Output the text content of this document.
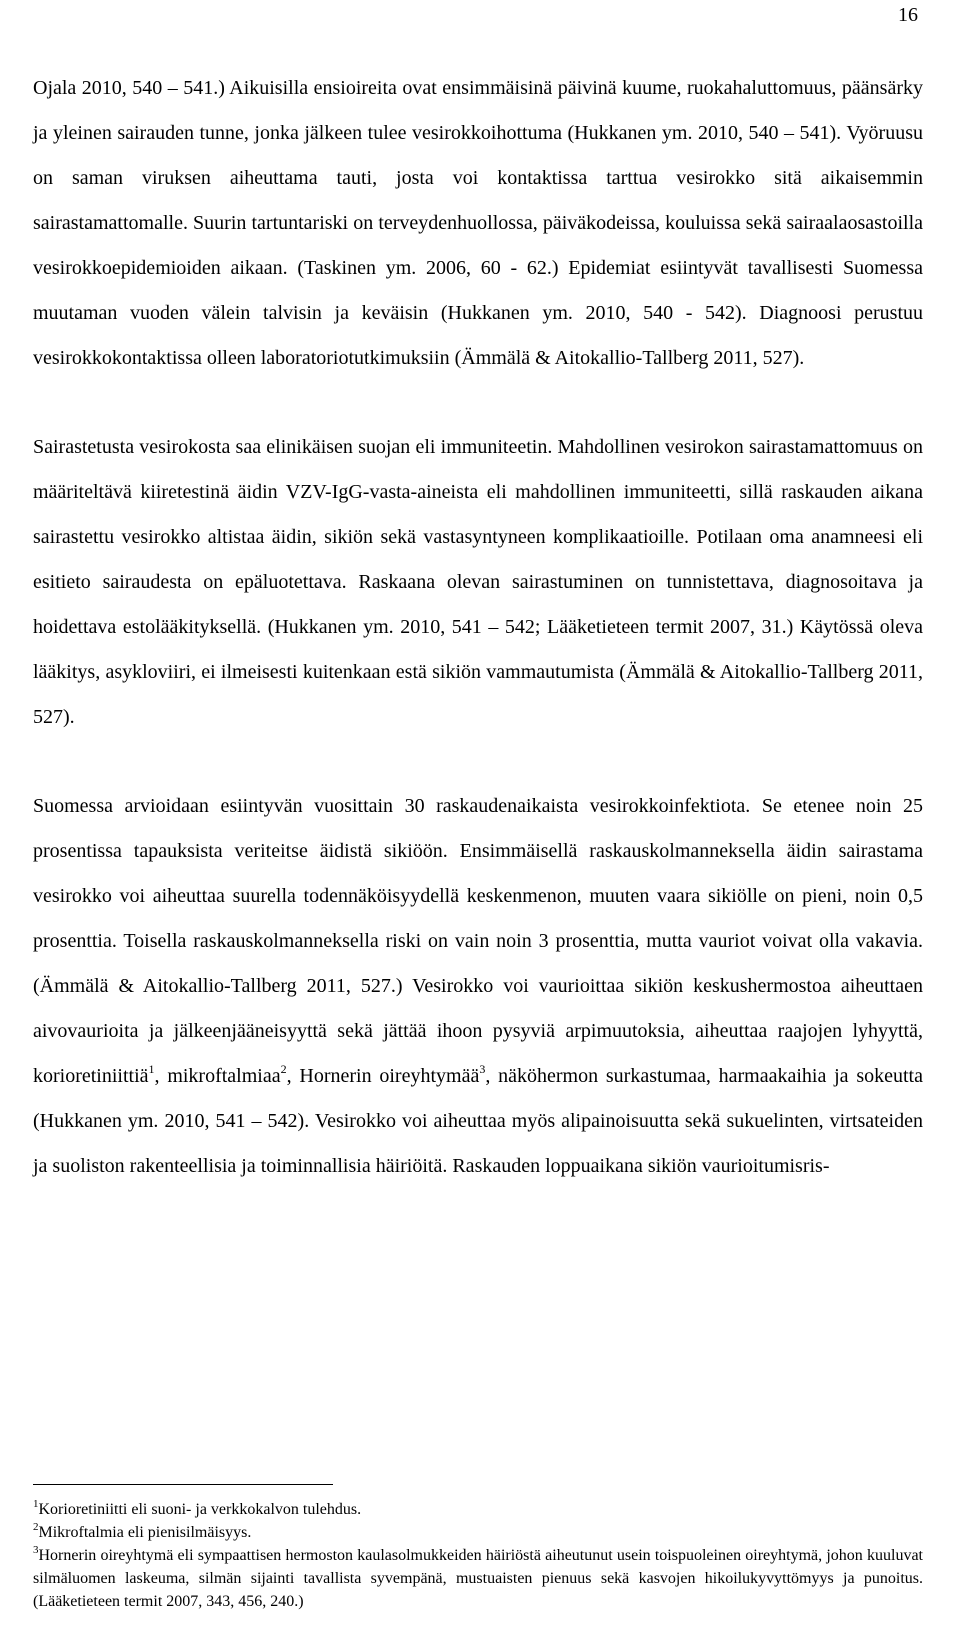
16

Ojala 2010, 540 – 541.) Aikuisilla ensioireita ovat ensimmäisinä päivinä kuume, ruokahaluttomuus, päänsärky ja yleinen sairauden tunne, jonka jälkeen tulee vesirokkoihottuma (Hukkanen ym. 2010, 540 – 541). Vyöruusu on saman viruksen aiheuttama tauti, josta voi kontaktissa tarttua vesirokko sitä aikaisemmin sairastamattomalle. Suurin tartuntariski on terveydenhuollossa, päiväkodeissa, kouluissa sekä sairaalaosastoilla vesirokkoepidemioiden aikaan. (Taskinen ym. 2006, 60 - 62.) Epidemiat esiintyvät tavallisesti Suomessa muutaman vuoden välein talvisin ja keväisin (Hukkanen ym. 2010, 540 - 542). Diagnoosi perustuu vesirokkokontaktissa olleen laboratoriotutkimuksiin (Ämmälä & Aitokallio-Tallberg 2011, 527).

Sairastetusta vesirokosta saa elinikäisen suojan eli immuniteetin. Mahdollinen vesirokon sairastamattomuus on määriteltävä kiiretestinä äidin VZV-IgG-vasta-aineista eli mahdollinen immuniteetti, sillä raskauden aikana sairastettu vesirokko altistaa äidin, sikiön sekä vastasyntyneen komplikaatioille. Potilaan oma anamneesi eli esitieto sairaudesta on epäluotettava. Raskaana olevan sairastuminen on tunnistettava, diagnosoitava ja hoidettava estolääkityksellä. (Hukkanen ym. 2010, 541 – 542; Lääketieteen termit 2007, 31.) Käytössä oleva lääkitys, asykloviiri, ei ilmeisesti kuitenkaan estä sikiön vammautumista (Ämmälä & Aitokallio-Tallberg 2011, 527).

Suomessa arvioidaan esiintyvän vuosittain 30 raskaudenaikaista vesirokkoinfektiota. Se etenee noin 25 prosentissa tapauksista veriteitse äidistä sikiöön. Ensimmäisellä raskauskolmanneksella äidin sairastama vesirokko voi aiheuttaa suurella todennäköisyydellä keskenmenon, muuten vaara sikiölle on pieni, noin 0,5 prosenttia. Toisella raskauskolmanneksella riski on vain noin 3 prosenttia, mutta vauriot voivat olla vakavia. (Ämmälä & Aitokallio-Tallberg 2011, 527.) Vesirokko voi vaurioittaa sikiön keskushermostoa aiheuttaen aivovaurioita ja jälkeenjääneisyyttä sekä jättää ihoon pysyviä arpimuutoksia, aiheuttaa raajojen lyhyyttä, korioretiniittiä$^1$, mikroftalmiaa$^2$, Hornerin oireyhtymää$^3$, näköhermon surkastumaa, harmaakaihia ja sokeutta (Hukkanen ym. 2010, 541 – 542). Vesirokko voi aiheuttaa myös alipainoisuutta sekä sukuelinten, virtsateiden ja suoliston rakenteellisia ja toiminnallisia häiriöitä. Raskauden loppuaikana sikiön vaurioitumisris-

$^1$Korioretiniitti eli suoni- ja verkkokalvon tulehdus.
$^2$Mikroftalmia eli pienisilmäisyys.
$^3$Hornerin oireyhtymä eli sympaattisen hermoston kaulasolmukkeiden häiriöstä aiheutunut usein toispuoleinen oireyhtymä, johon kuuluvat silmäluomen laskeuma, silmän sijainti tavallista syvempänä, mustuaisten pienuus sekä kasvojen hikoilukyvyttömyys ja punoitus. (Lääketieteen termit 2007, 343, 456, 240.)
